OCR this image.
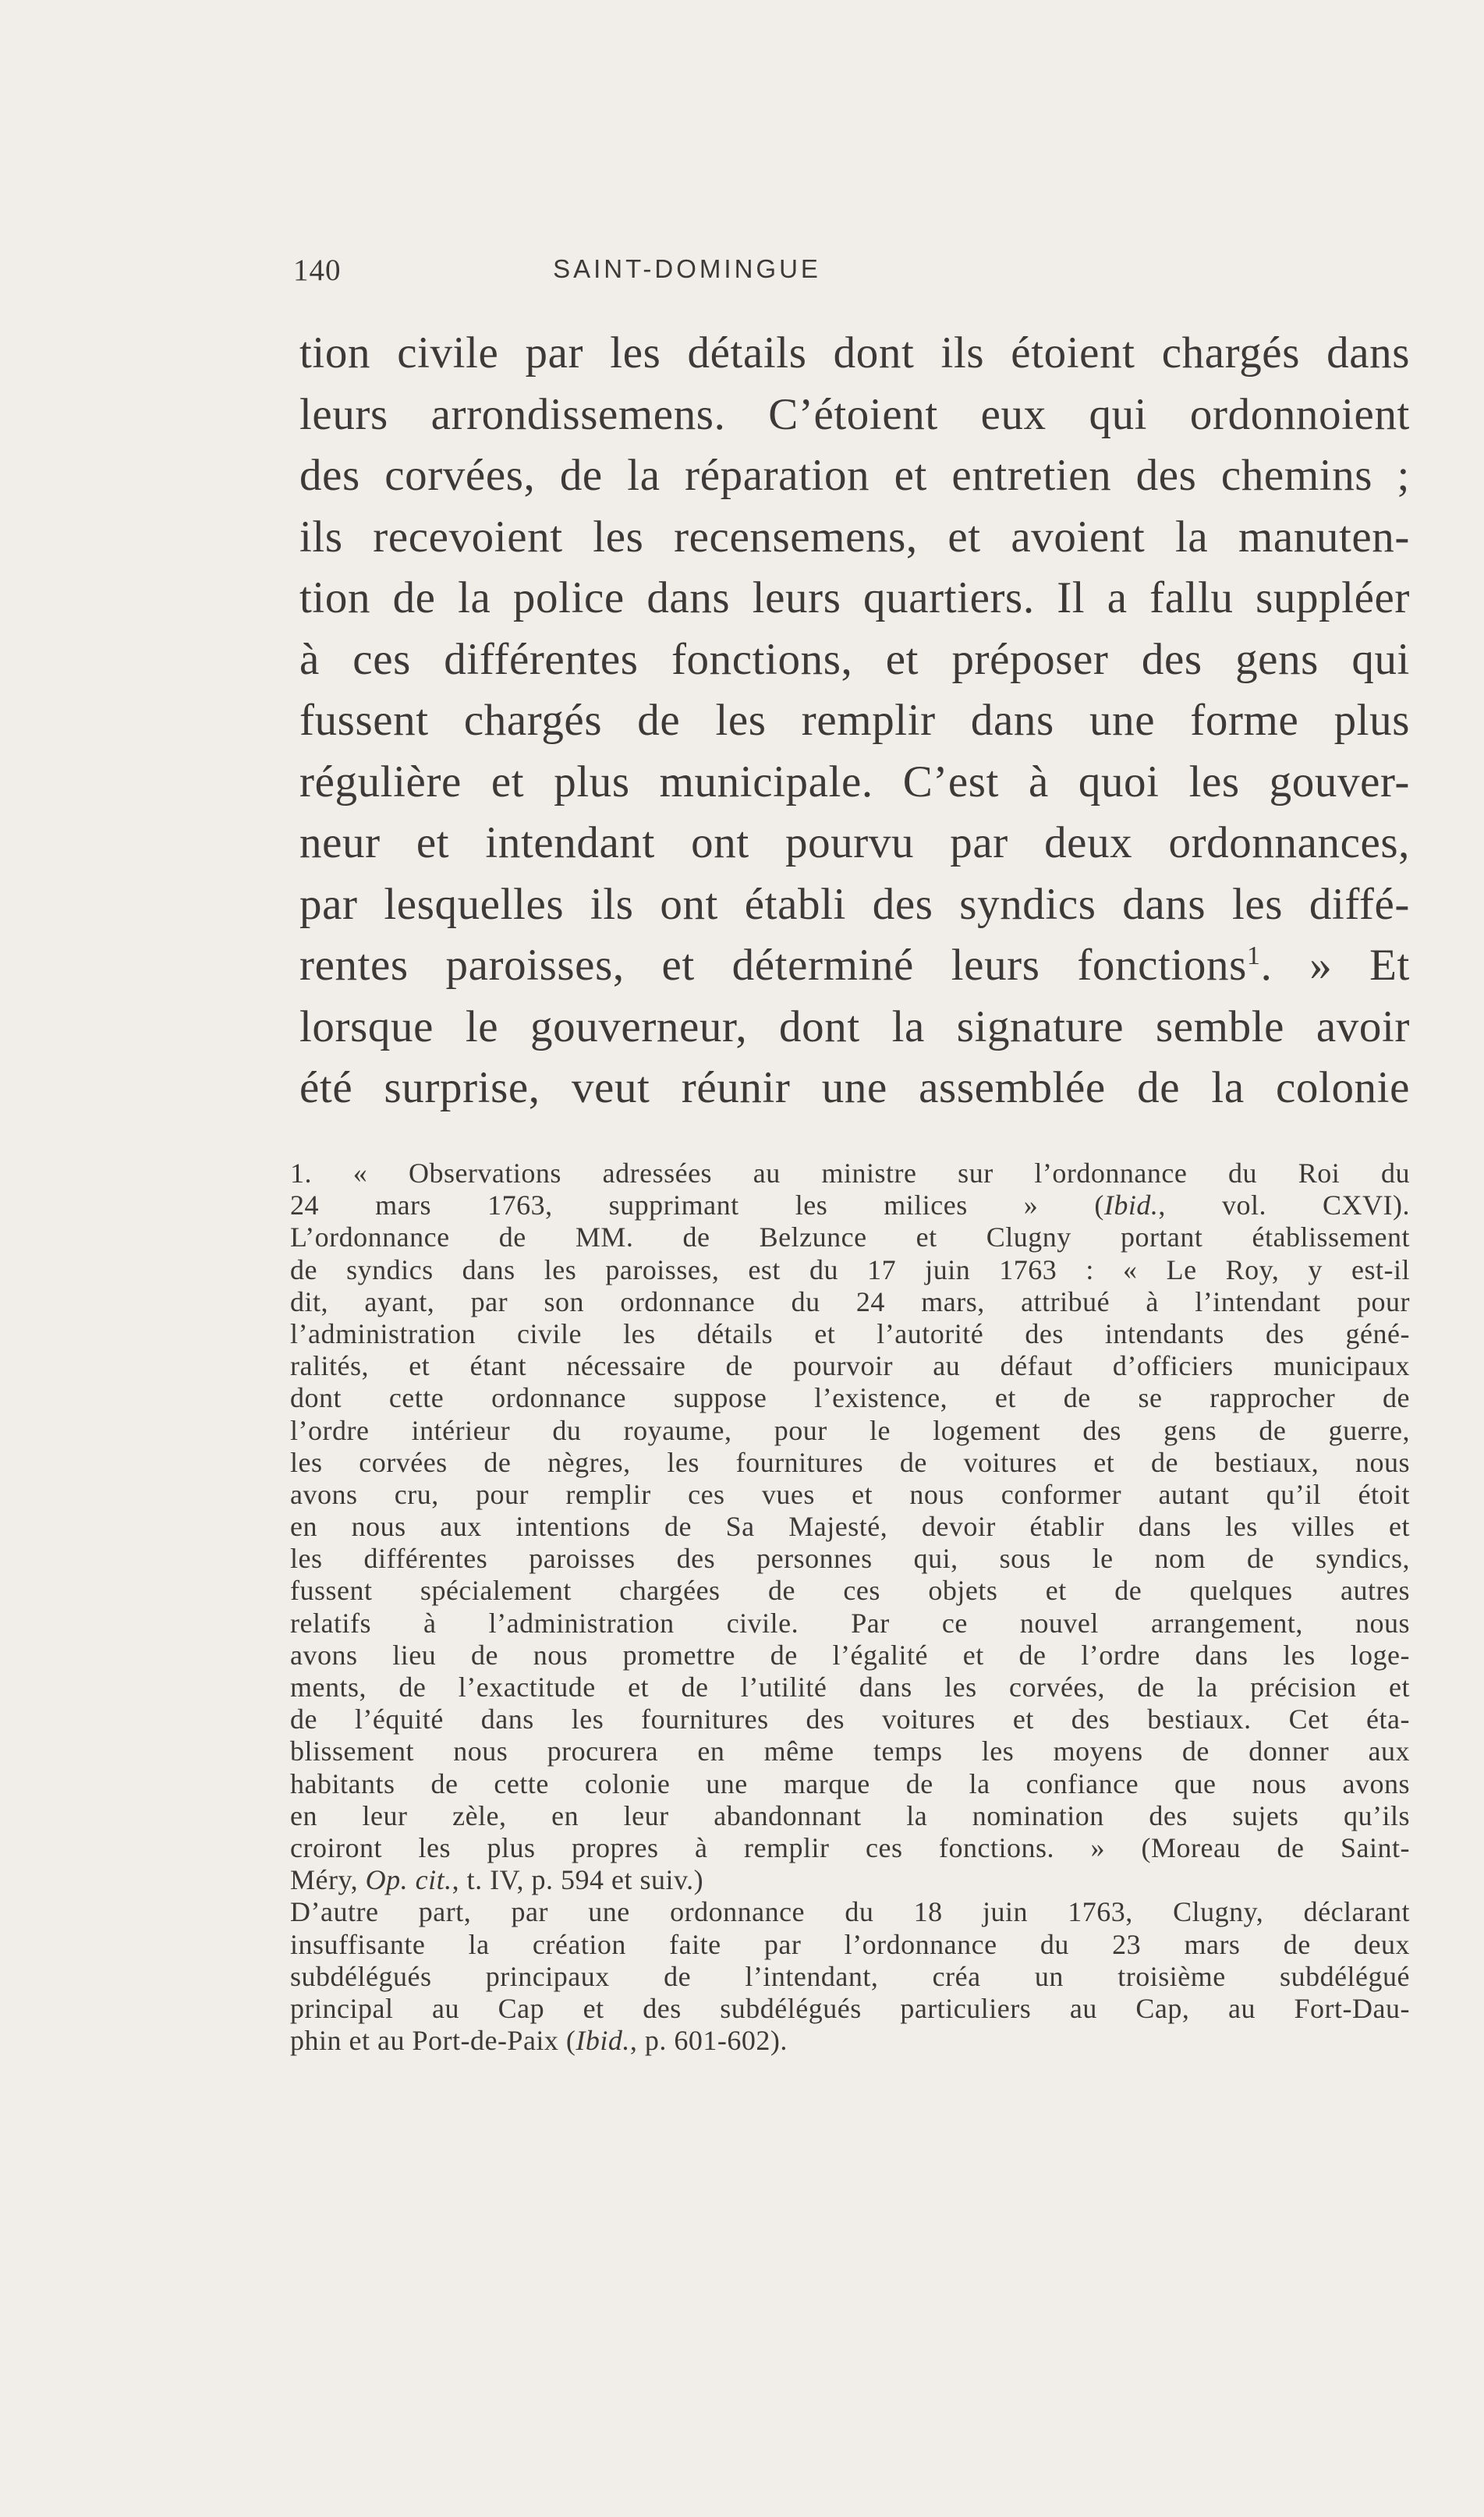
140	SAINT-DOMINGUE
tion civile par les détails dont ils étoient chargés dans
leurs arrondissemens. C’étoient eux qui ordonnoient
des corvées, de la réparation et entretien des chemins ;
ils recevoient les recensemens, et avoient la manuten-
tion de la police dans leurs quartiers. Il a fallu suppléer
à ces différentes fonctions, et préposer des gens qui
fussent chargés de les remplir dans une forme plus
régulière et plus municipale. C’est à quoi les gouver-
neur et intendant ont pourvu par deux ordonnances,
par lesquelles ils ont établi des syndics dans les diffé-
rentes paroisses, et déterminé leurs fonctions$^1$. » Et
lorsque le gouverneur, dont la signature semble avoir
été surprise, veut réunir une assemblée de la colonie
1. « Observations adressées au ministre sur l’ordonnance du Roi du
24 mars 1763, supprimant les milices » (Ibid., vol. CXVI).
L’ordonnance de MM. de Belzunce et Clugny portant établissement
de syndics dans les paroisses, est du 17 juin 1763 : « Le Roy, y est-il
dit, ayant, par son ordonnance du 24 mars, attribué à l’intendant pour
l’administration civile les détails et l’autorité des intendants des géné-
ralités, et étant nécessaire de pourvoir au défaut d’officiers municipaux
dont cette ordonnance suppose l’existence, et de se rapprocher de
l’ordre intérieur du royaume, pour le logement des gens de guerre,
les corvées de nègres, les fournitures de voitures et de bestiaux, nous
avons cru, pour remplir ces vues et nous conformer autant qu’il étoit
en nous aux intentions de Sa Majesté, devoir établir dans les villes et
les différentes paroisses des personnes qui, sous le nom de syndics,
fussent spécialement chargées de ces objets et de quelques autres
relatifs à l’administration civile. Par ce nouvel arrangement, nous
avons lieu de nous promettre de l’égalité et de l’ordre dans les loge-
ments, de l’exactitude et de l’utilité dans les corvées, de la précision et
de l’équité dans les fournitures des voitures et des bestiaux. Cet éta-
blissement nous procurera en même temps les moyens de donner aux
habitants de cette colonie une marque de la confiance que nous avons
en leur zèle, en leur abandonnant la nomination des sujets qu’ils
croiront les plus propres à remplir ces fonctions. » (Moreau de Saint-
Méry, Op. cit., t. IV, p. 594 et suiv.)
D’autre part, par une ordonnance du 18 juin 1763, Clugny, déclarant
insuffisante la création faite par l’ordonnance du 23 mars de deux
subdélégués principaux de l’intendant, créa un troisième subdélégué
principal au Cap et des subdélégués particuliers au Cap, au Fort-Dau-
phin et au Port-de-Paix (Ibid., p. 601-602).
